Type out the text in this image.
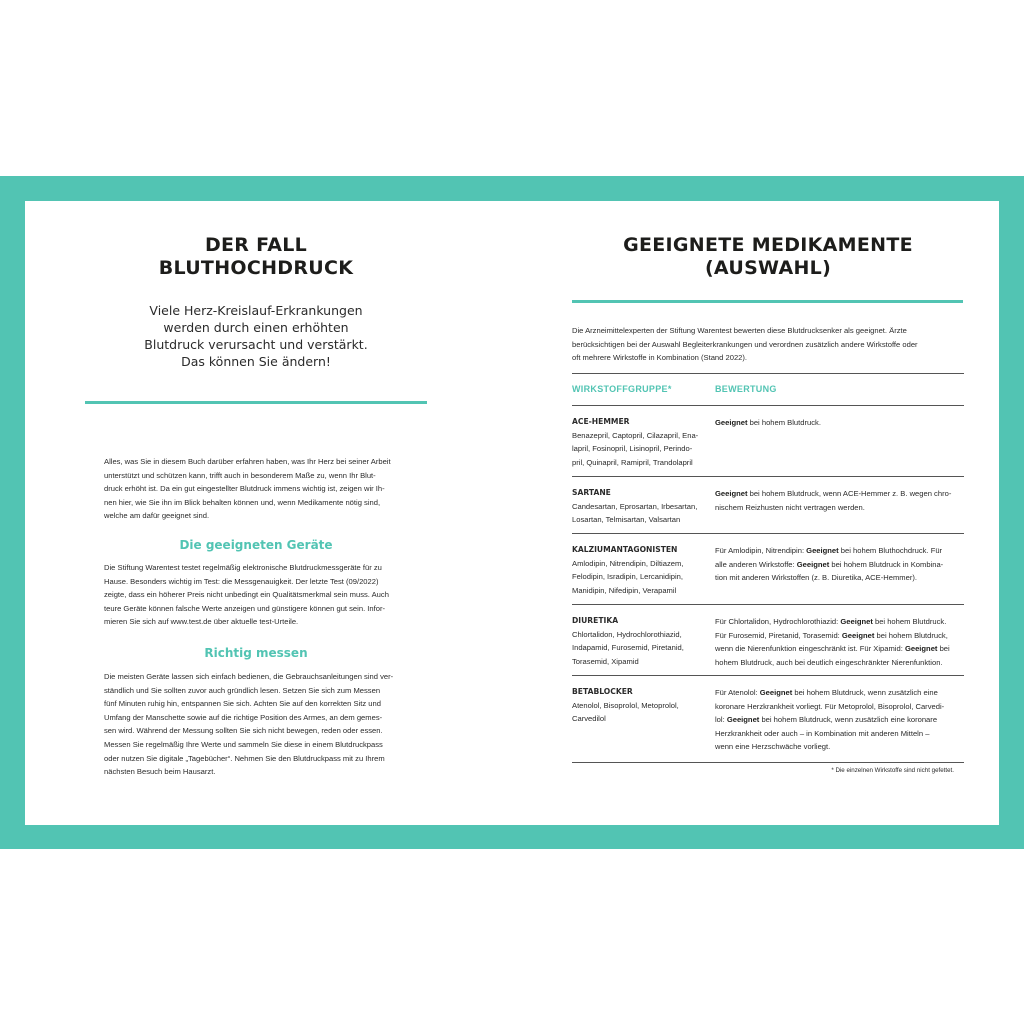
DER FALL
BLUTHOCHDRUCK
Viele Herz-Kreislauf-Erkrankungen
werden durch einen erhöhten
Blutdruck verursacht und verstärkt.
Das können Sie ändern!
Alles, was Sie in diesem Buch darüber erfahren haben, was Ihr Herz bei seiner Arbeit
unterstützt und schützen kann, trifft auch in besonderem Maße zu, wenn Ihr Blut-
druck erhöht ist. Da ein gut eingestellter Blutdruck immens wichtig ist, zeigen wir Ih-
nen hier, wie Sie ihn im Blick behalten können und, wenn Medikamente nötig sind,
welche am dafür geeignet sind.
Die geeigneten Geräte
Die Stiftung Warentest testet regelmäßig elektronische Blutdruckmessgeräte für zu
Hause. Besonders wichtig im Test: die Messgenauigkeit. Der letzte Test (09/2022)
zeigte, dass ein höherer Preis nicht unbedingt ein Qualitätsmerkmal sein muss. Auch
teure Geräte können falsche Werte anzeigen und günstigere können gut sein. Infor-
mieren Sie sich auf www.test.de über aktuelle test-Urteile.
Richtig messen
Die meisten Geräte lassen sich einfach bedienen, die Gebrauchsanleitungen sind ver-
ständlich und Sie sollten zuvor auch gründlich lesen. Setzen Sie sich zum Messen
fünf Minuten ruhig hin, entspannen Sie sich. Achten Sie auf den korrekten Sitz und
Umfang der Manschette sowie auf die richtige Position des Armes, an dem gemes-
sen wird. Während der Messung sollten Sie sich nicht bewegen, reden oder essen.
Messen Sie regelmäßig Ihre Werte und sammeln Sie diese in einem Blutdruckpass
oder nutzen Sie digitale „Tagebücher“. Nehmen Sie den Blutdruckpass mit zu Ihrem
nächsten Besuch beim Hausarzt.
GEEIGNETE MEDIKAMENTE
(AUSWAHL)
Die Arzneimittelexperten der Stiftung Warentest bewerten diese Blutdrucksenker als geeignet. Ärzte
berücksichtigen bei der Auswahl Begleiterkrankungen und verordnen zusätzlich andere Wirkstoffe oder
oft mehrere Wirkstoffe in Kombination (Stand 2022).
WIRKSTOFFGRUPPE*	BEWERTUNG
ACE-HEMMER
Benazepril, Captopril, Cilazapril, Ena-
lapril, Fosinopril, Lisinopril, Perindo-
pril, Quinapril, Ramipril, Trandolapril
Geeignet bei hohem Blutdruck.
SARTANE
Candesartan, Eprosartan, Irbesartan,
Losartan, Telmisartan, Valsartan
Geeignet bei hohem Blutdruck, wenn ACE-Hemmer z. B. wegen chro-
nischem Reizhusten nicht vertragen werden.
KALZIUMANTAGONISTEN
Amlodipin, Nitrendipin, Diltiazem,
Felodipin, Isradipin, Lercanidipin,
Manidipin, Nifedipin, Verapamil
Für Amlodipin, Nitrendipin: Geeignet bei hohem Bluthochdruck. Für
alle anderen Wirkstoffe: Geeignet bei hohem Blutdruck in Kombina-
tion mit anderen Wirkstoffen (z. B. Diuretika, ACE-Hemmer).
DIURETIKA
Chlortalidon, Hydrochlorothiazid,
Indapamid, Furosemid, Piretanid,
Torasemid, Xipamid
Für Chlortalidon, Hydrochlorothiazid: Geeignet bei hohem Blutdruck.
Für Furosemid, Piretanid, Torasemid: Geeignet bei hohem Blutdruck,
wenn die Nierenfunktion eingeschränkt ist. Für Xipamid: Geeignet bei
hohem Blutdruck, auch bei deutlich eingeschränkter Nierenfunktion.
BETABLOCKER
Atenolol, Bisoprolol, Metoprolol,
Carvedilol
Für Atenolol: Geeignet bei hohem Blutdruck, wenn zusätzlich eine
koronare Herzkrankheit vorliegt. Für Metoprolol, Bisoprolol, Carvedi-
lol: Geeignet bei hohem Blutdruck, wenn zusätzlich eine koronare
Herzkrankheit oder auch – in Kombination mit anderen Mitteln –
wenn eine Herzschwäche vorliegt.
* Die einzelnen Wirkstoffe sind nicht gefettet.
